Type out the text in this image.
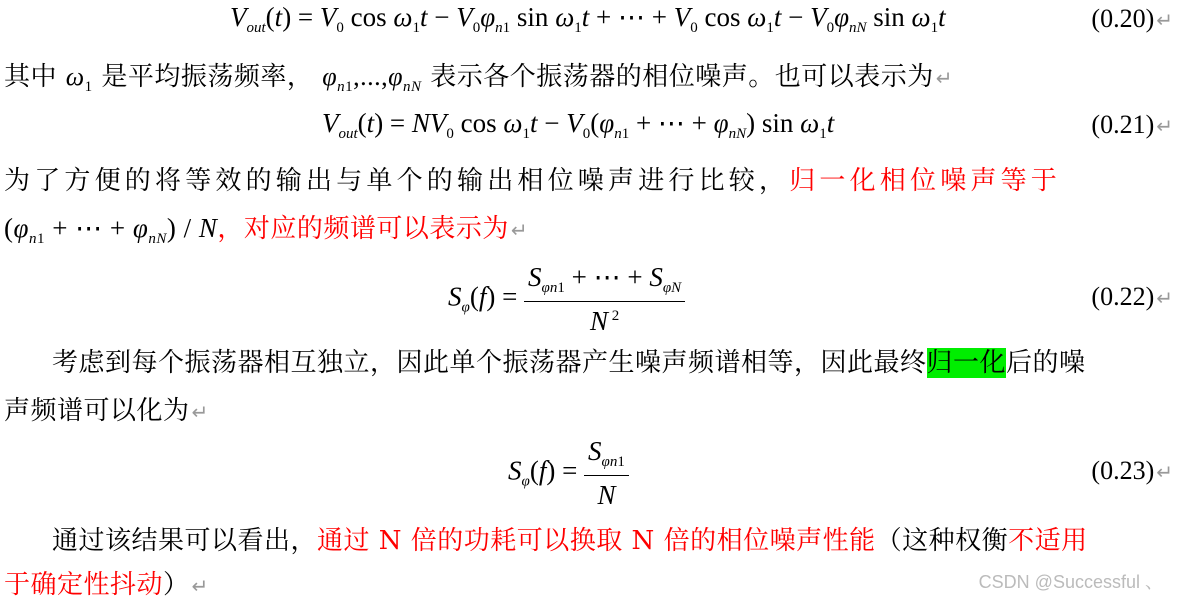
$V_{out}(t) = V_0$ $\cos \omega_1t - V_0\varphi_{n1}$ $\sin \omega_1t$ + ⋯ + $V_0$ $\cos \omega_1t - V_0\varphi_{nN}$ $\sin \omega_1t$	(0.20) ↵
其中 $\omega_1$ 是平均振荡频率， $\varphi_{n1},...,\varphi_{nN}$ 表示各个振荡器的相位噪声。也可以表示为 ↵
$V_{out}(t) = NV_0$ $\cos \omega_1t - V_0(\varphi_{n1}$ + ⋯ + $\varphi_{nN}$) $\sin \omega_1t$	(0.21) ↵
为了方便的将等效的输出与单个的输出相位噪声进行比较，归一化相位噪声等于
($\varphi_{n1}$ + ⋯ + $\varphi_{nN}$) / N，对应的频谱可以表示为 ↵
$S_\varphi(f) = \frac{S_{\varphi n1} + \cdots + S_{\varphi N}}{N ^2}$	(0.22) ↵
考虑到每个振荡器相互独立，因此单个振荡器产生噪声频谱相等，因此最终归一化后的噪
声频谱可以化为 ↵
$S_\varphi(f) = \frac{S_{\varphi n1}}{N}$	(0.23) ↵
通过该结果可以看出，通过 N 倍的功耗可以换取 N 倍的相位噪声性能（这种权衡不适用
于确定性抖动） ↵	CSDN @Successful 、
